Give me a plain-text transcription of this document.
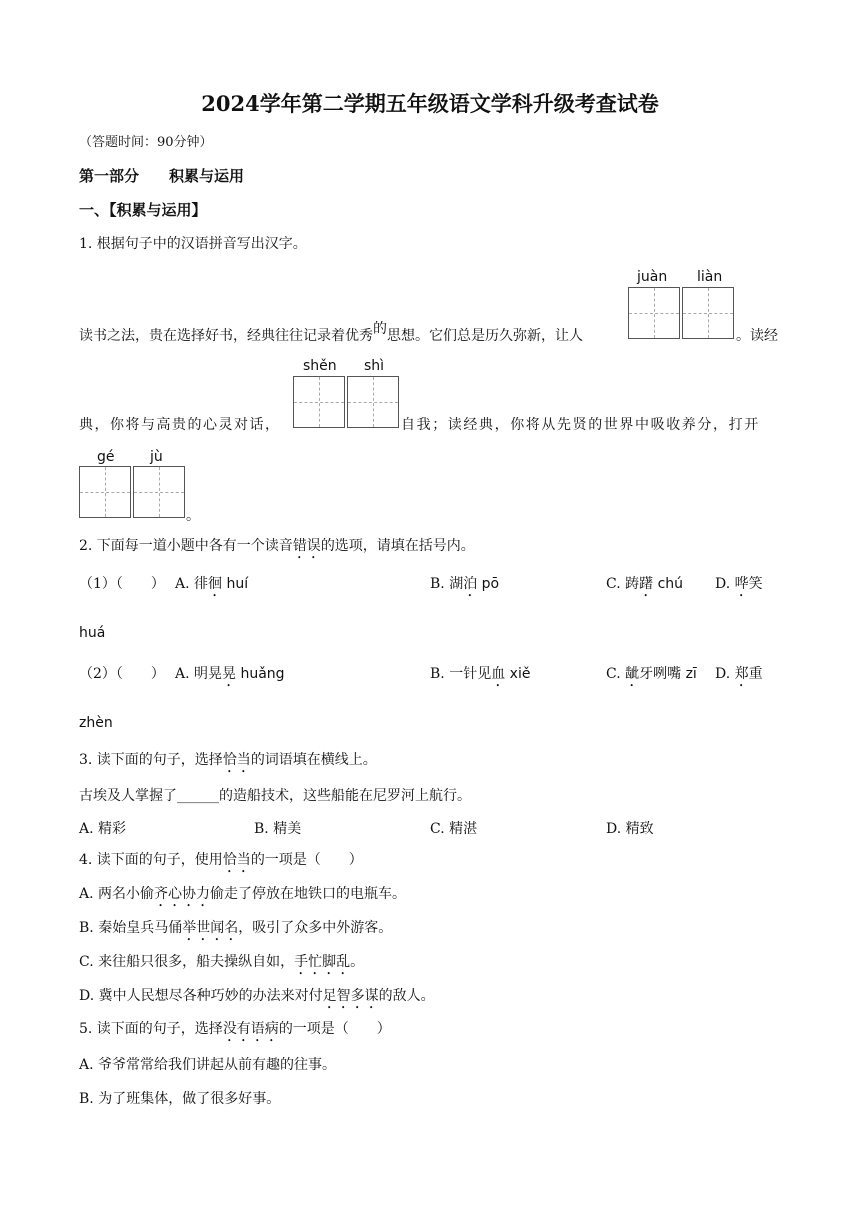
2024学年第二学期五年级语文学科升级考查试卷
（答题时间：90分钟）
第一部分　　积累与运用
一、【积累与运用】
1. 根据句子中的汉语拼音写出汉字。
juàn liàn
读书之法，贵在选择好书，经典往往记录着优秀的思想。它们总是历久弥新，让人	。读经
shěn shì
典，你将与高贵的心灵对话，	自我；读经典，你将从先贤的世界中吸收养分，打开
gé	jù
。
2. 下面每一道小题中各有一个读音错误的选项，请填在括号内。
（1）（　　） A. 徘徊 huí	B. 湖泊 pō	C. 踌躇 chú D. 哗笑
huá
（2）（　　） A. 明晃晃 huǎng	B. 一针见血 xiě	C. 龇牙咧嘴 zī D. 郑重
zhèn
3. 读下面的句子，选择恰当的词语填在横线上。
古埃及人掌握了______的造船技术，这些船能在尼罗河上航行。
A. 精彩	B. 精美	C. 精湛	D. 精致
4. 读下面的句子，使用恰当的一项是（　　）
A. 两名小偷齐心协力偷走了停放在地铁口的电瓶车。
B. 秦始皇兵马俑举世闻名，吸引了众多中外游客。
C. 来往船只很多，船夫操纵自如，手忙脚乱。
D. 冀中人民想尽各种巧妙的办法来对付足智多谋的敌人。
5. 读下面的句子，选择没有语病的一项是（　　）
A. 爷爷常常给我们讲起从前有趣的往事。
B. 为了班集体，做了很多好事。
